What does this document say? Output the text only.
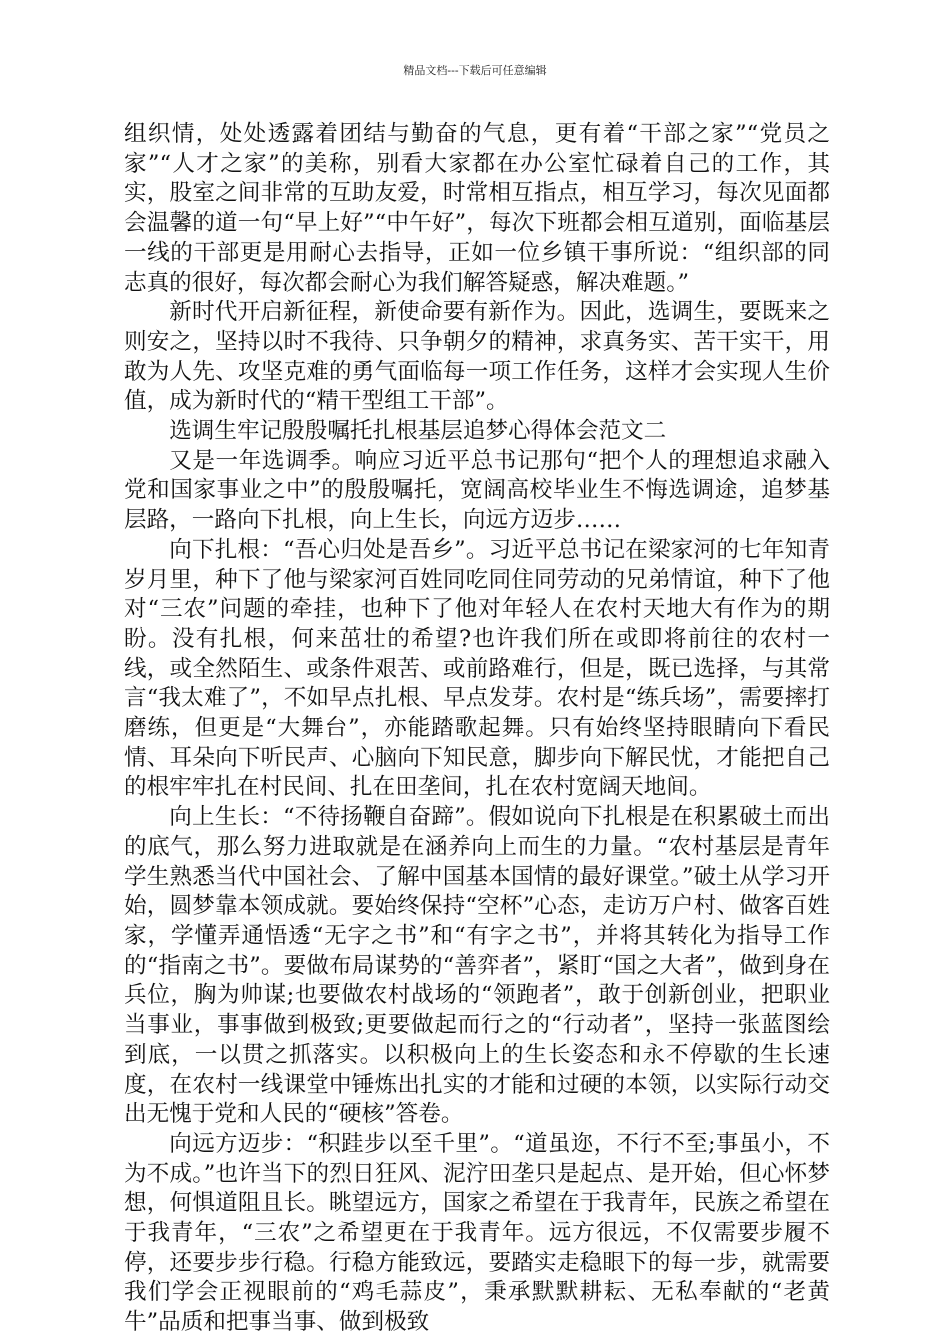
精品文档---下载后可任意编辑

组织情，处处透露着团结与勤奋的气息，更有着“干部之家”“党员之家”“人才之家”的美称，别看大家都在办公室忙碌着自己的工作，其实，股室之间非常的互助友爱，时常相互指点，相互学习，每次见面都会温馨的道一句“早上好”“中午好”，每次下班都会相互道别，面临基层一线的干部更是用耐心去指导，正如一位乡镇干事所说：“组织部的同志真的很好，每次都会耐心为我们解答疑惑，解决难题。”

新时代开启新征程，新使命要有新作为。因此，选调生，要既来之则安之，坚持以时不我待、只争朝夕的精神，求真务实、苦干实干，用敢为人先、攻坚克难的勇气面临每一项工作任务，这样才会实现人生价值，成为新时代的“精干型组工干部”。

选调生牢记殷殷嘱托扎根基层追梦心得体会范文二

又是一年选调季。响应习近平总书记那句“把个人的理想追求融入党和国家事业之中”的殷殷嘱托，宽阔高校毕业生不悔选调途，追梦基层路，一路向下扎根，向上生长，向远方迈步……

向下扎根：“吾心归处是吾乡”。习近平总书记在梁家河的七年知青岁月里，种下了他与梁家河百姓同吃同住同劳动的兄弟情谊，种下了他对“三农”问题的牵挂，也种下了他对年轻人在农村天地大有作为的期盼。没有扎根，何来茁壮的希望?也许我们所在或即将前往的农村一线，或全然陌生、或条件艰苦、或前路难行，但是，既已选择，与其常言“我太难了”，不如早点扎根、早点发芽。农村是“练兵场”，需要摔打磨练，但更是“大舞台”，亦能踏歌起舞。只有始终坚持眼睛向下看民情、耳朵向下听民声、心脑向下知民意，脚步向下解民忧，才能把自己的根牢牢扎在村民间、扎在田垄间，扎在农村宽阔天地间。

向上生长：“不待扬鞭自奋蹄”。假如说向下扎根是在积累破土而出的底气，那么努力进取就是在涵养向上而生的力量。“农村基层是青年学生熟悉当代中国社会、了解中国基本国情的最好课堂。”破土从学习开始，圆梦靠本领成就。要始终保持“空杯”心态，走访万户村、做客百姓家，学懂弄通悟透“无字之书”和“有字之书”，并将其转化为指导工作的“指南之书”。要做布局谋势的“善弈者”，紧盯“国之大者”，做到身在兵位，胸为帅谋;也要做农村战场的“领跑者”，敢于创新创业，把职业当事业，事事做到极致;更要做起而行之的“行动者”，坚持一张蓝图绘到底，一以贯之抓落实。以积极向上的生长姿态和永不停歇的生长速度，在农村一线课堂中锤炼出扎实的才能和过硬的本领，以实际行动交出无愧于党和人民的“硬核”答卷。

向远方迈步：“积跬步以至千里”。“道虽迩，不行不至;事虽小，不为不成。”也许当下的烈日狂风、泥泞田垄只是起点、是开始，但心怀梦想，何惧道阻且长。眺望远方，国家之希望在于我青年，民族之希望在于我青年，“三农”之希望更在于我青年。远方很远，不仅需要步履不停，还要步步行稳。行稳方能致远，要踏实走稳眼下的每一步，就需要我们学会正视眼前的“鸡毛蒜皮”，秉承默默耕耘、无私奉献的“老黄牛”品质和把事当事、做到极致
